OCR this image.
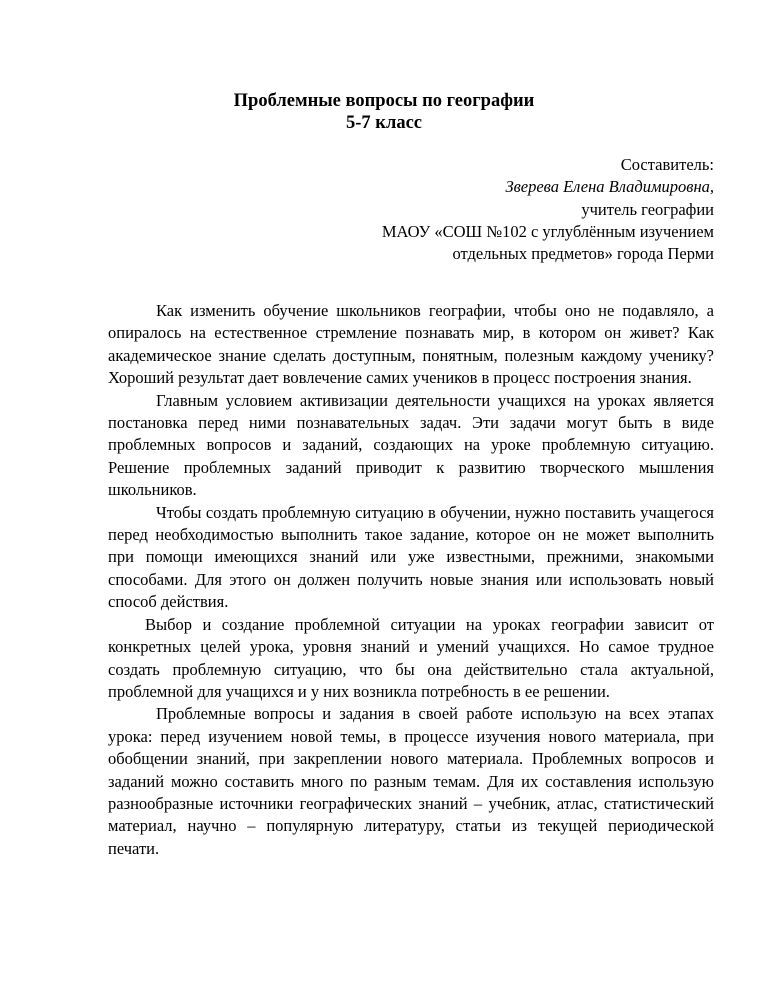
Проблемные вопросы по географии
5-7 класс
Составитель:
Зверева Елена Владимировна,
учитель географии
МАОУ «СОШ №102 с углублённым изучением
отдельных предметов» города Перми

Как изменить обучение школьников географии, чтобы оно не подавляло, а опиралось на естественное стремление познавать мир, в котором он живет? Как академическое знание сделать доступным, понятным, полезным каждому ученику? Хороший результат дает вовлечение самих учеников в процесс построения знания.

Главным условием активизации деятельности учащихся на уроках является постановка перед ними познавательных задач. Эти задачи могут быть в виде проблемных вопросов и заданий, создающих на уроке проблемную ситуацию. Решение проблемных заданий приводит к развитию творческого мышления школьников.

Чтобы создать проблемную ситуацию в обучении, нужно поставить учащегося перед необходимостью выполнить такое задание, которое он не может выполнить при помощи имеющихся знаний или уже известными, прежними, знакомыми способами. Для этого он должен получить новые знания или использовать новый способ действия.

Выбор и создание проблемной ситуации на уроках географии зависит от конкретных целей урока, уровня знаний и умений учащихся. Но самое трудное создать проблемную ситуацию, что бы она действительно стала актуальной, проблемной для учащихся и у них возникла потребность в ее решении.

Проблемные вопросы и задания в своей работе использую на всех этапах урока: перед изучением новой темы, в процессе изучения нового материала, при обобщении знаний, при закреплении нового материала. Проблемных вопросов и заданий можно составить много по разным темам. Для их составления использую разнообразные источники географических знаний – учебник, атлас, статистический материал, научно – популярную литературу, статьи из текущей периодической печати.
